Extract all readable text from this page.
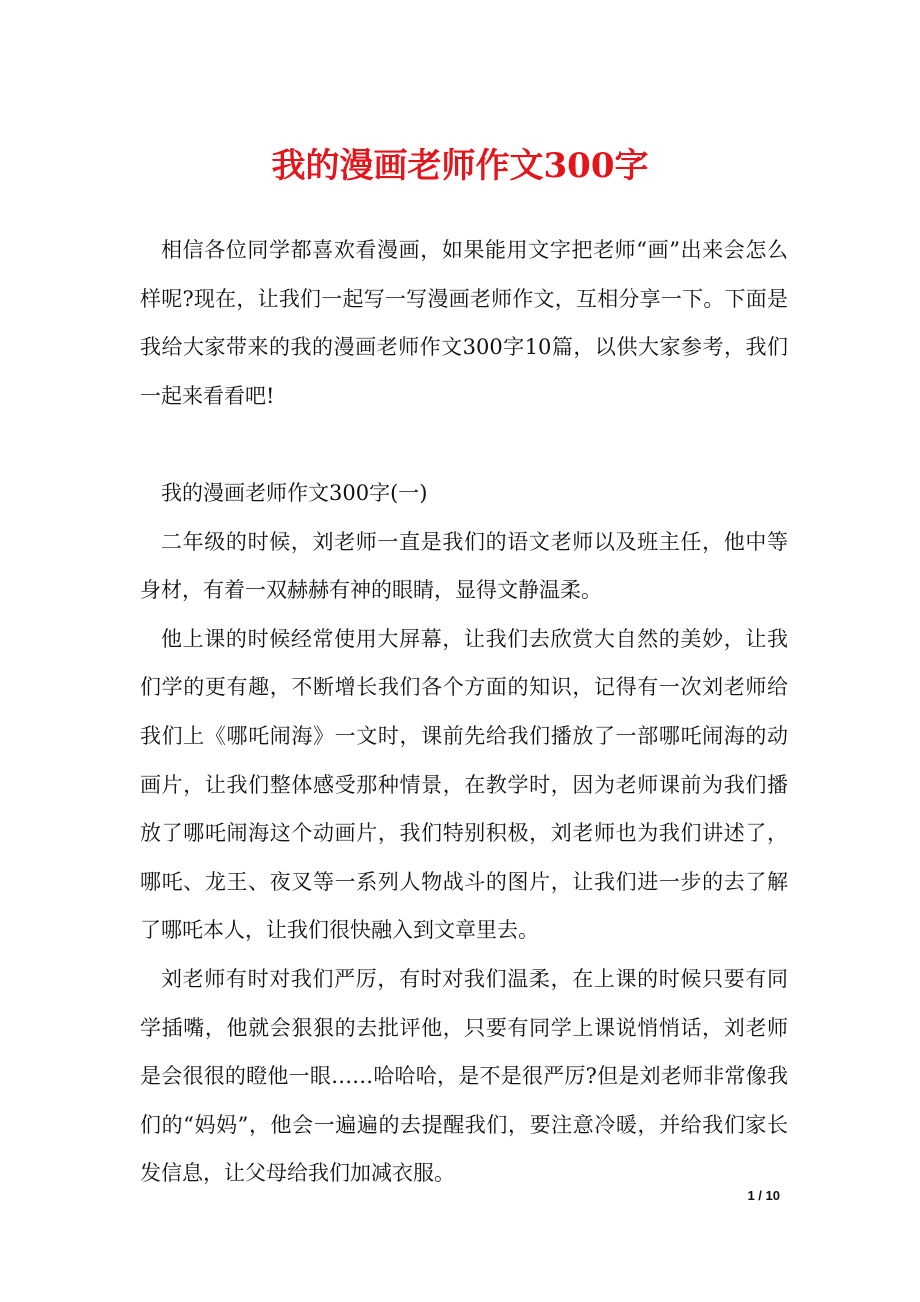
我的漫画老师作文300字

相信各位同学都喜欢看漫画，如果能用文字把老师“画”出来会怎么样呢?现在，让我们一起写一写漫画老师作文，互相分享一下。下面是我给大家带来的我的漫画老师作文300字10篇，以供大家参考，我们一起来看看吧!

我的漫画老师作文300字(一)

二年级的时候，刘老师一直是我们的语文老师以及班主任，他中等身材，有着一双赫赫有神的眼睛，显得文静温柔。

他上课的时候经常使用大屏幕，让我们去欣赏大自然的美妙，让我们学的更有趣，不断增长我们各个方面的知识，记得有一次刘老师给我们上《哪吒闹海》一文时，课前先给我们播放了一部哪吒闹海的动画片，让我们整体感受那种情景，在教学时，因为老师课前为我们播放了哪吒闹海这个动画片，我们特别积极，刘老师也为我们讲述了，哪吒、龙王、夜叉等一系列人物战斗的图片，让我们进一步的去了解了哪吒本人，让我们很快融入到文章里去。

刘老师有时对我们严厉，有时对我们温柔，在上课的时候只要有同学插嘴，他就会狠狠的去批评他，只要有同学上课说悄悄话，刘老师是会很很的瞪他一眼……哈哈哈，是不是很严厉?但是刘老师非常像我们的“妈妈”，他会一遍遍的去提醒我们，要注意冷暖，并给我们家长发信息，让父母给我们加减衣服。

1 / 10
